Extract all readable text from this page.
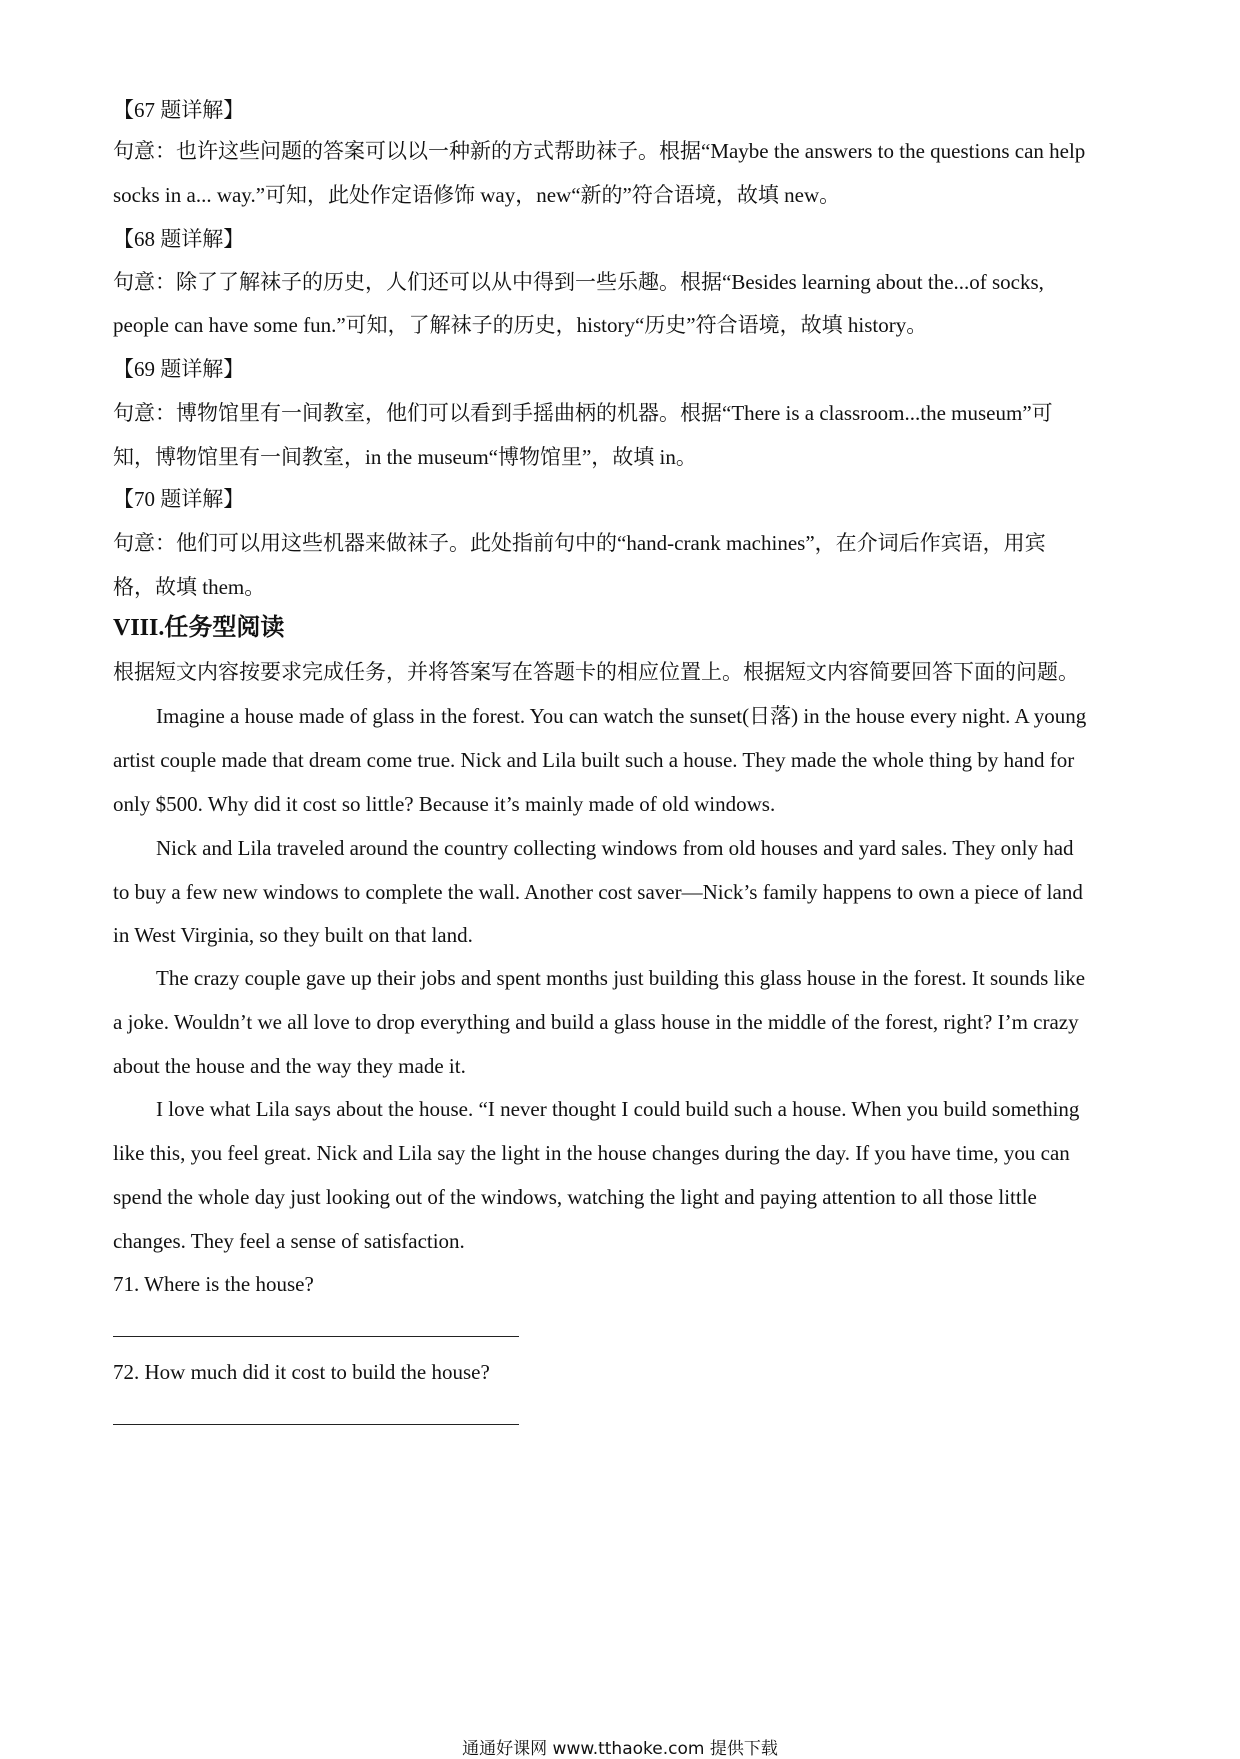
【67 题详解】
句意：也许这些问题的答案可以以一种新的方式帮助袜子。根据“Maybe the answers to the questions can help
socks in a... way.”可知，此处作定语修饰 way，new“新的”符合语境，故填 new。
【68 题详解】
句意：除了了解袜子的历史，人们还可以从中得到一些乐趣。根据“Besides learning about the...of socks,
people can have some fun.”可知，了解袜子的历史，history“历史”符合语境，故填 history。
【69 题详解】
句意：博物馆里有一间教室，他们可以看到手摇曲柄的机器。根据“There is a classroom...the museum”可
知，博物馆里有一间教室，in the museum“博物馆里”，故填 in。
【70 题详解】
句意：他们可以用这些机器来做袜子。此处指前句中的“hand-crank machines”，在介词后作宾语，用宾
格，故填 them。
VIII.任务型阅读
根据短文内容按要求完成任务，并将答案写在答题卡的相应位置上。根据短文内容简要回答下面的问题。
Imagine a house made of glass in the forest. You can watch the sunset(日落) in the house every night. A young
artist couple made that dream come true. Nick and Lila built such a house. They made the whole thing by hand for
only $500. Why did it cost so little? Because it’s mainly made of old windows.
Nick and Lila traveled around the country collecting windows from old houses and yard sales. They only had
to buy a few new windows to complete the wall. Another cost saver—Nick’s family happens to own a piece of land
in West Virginia, so they built on that land.
The crazy couple gave up their jobs and spent months just building this glass house in the forest. It sounds like
a joke. Wouldn’t we all love to drop everything and build a glass house in the middle of the forest, right? I’m crazy
about the house and the way they made it.
I love what Lila says about the house. “I never thought I could build such a house. When you build something
like this, you feel great. Nick and Lila say the light in the house changes during the day. If you have time, you can
spend the whole day just looking out of the windows, watching the light and paying attention to all those little
changes. They feel a sense of satisfaction.
71. Where is the house?
72. How much did it cost to build the house?
通通好课网 www.tthaoke.com 提供下载
